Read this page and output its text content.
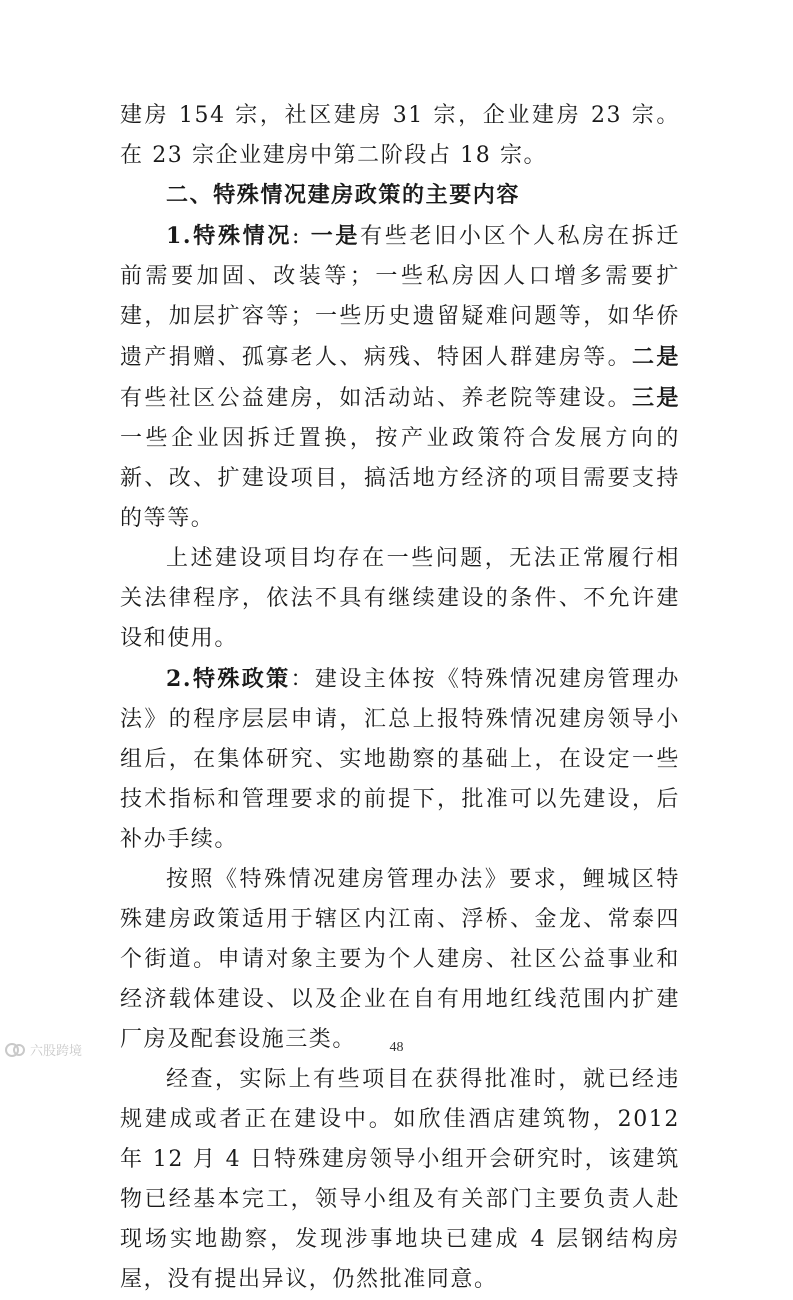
建房 154 宗，社区建房 31 宗，企业建房 23 宗。在 23 宗企业建房中第二阶段占 18 宗。

二、特殊情况建房政策的主要内容

1.特殊情况: 一是有些老旧小区个人私房在拆迁前需要加固、改装等；一些私房因人口增多需要扩建，加层扩容等；一些历史遗留疑难问题等，如华侨遗产捐赠、孤寡老人、病残、特困人群建房等。二是有些社区公益建房，如活动站、养老院等建设。三是一些企业因拆迁置换，按产业政策符合发展方向的新、改、扩建设项目，搞活地方经济的项目需要支持的等等。

上述建设项目均存在一些问题，无法正常履行相关法律程序，依法不具有继续建设的条件、不允许建设和使用。

2.特殊政策：建设主体按《特殊情况建房管理办法》的程序层层申请，汇总上报特殊情况建房领导小组后，在集体研究、实地勘察的基础上，在设定一些技术指标和管理要求的前提下，批准可以先建设，后补办手续。

按照《特殊情况建房管理办法》要求，鲤城区特殊建房政策适用于辖区内江南、浮桥、金龙、常泰四个街道。申请对象主要为个人建房、社区公益事业和经济载体建设、以及企业在自有用地红线范围内扩建厂房及配套设施三类。

经查，实际上有些项目在获得批准时，就已经违规建成或者正在建设中。如欣佳酒店建筑物，2012 年 12 月 4 日特殊建房领导小组开会研究时，该建筑物已经基本完工，领导小组及有关部门主要负责人赴现场实地勘察，发现涉事地块已建成 4 层钢结构房屋，没有提出异议，仍然批准同意。

48
六股跨境
